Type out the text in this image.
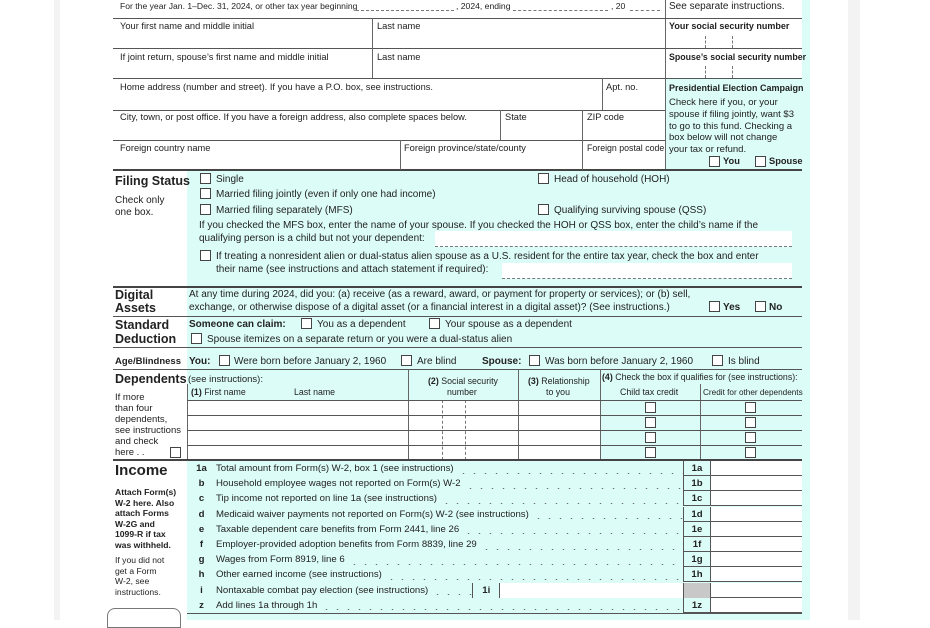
For the year Jan. 1–Dec. 31, 2024, or other tax year beginning	, 2024, ending	, 20	See separate instructions.
Your first name and middle initial	Last name	Your social security number
If joint return, spouse’s first name and middle initial	Last name	Spouse’s social security number
Home address (number and street). If you have a P.O. box, see instructions.	Apt. no.
City, town, or post office. If you have a foreign address, also complete spaces below.	State	ZIP code
Foreign country name	Foreign province/state/county	Foreign postal code
Presidential Election Campaign
Check here if you, or your
spouse if filing jointly, want $3
to go to this fund. Checking a
box below will not change
your tax or refund.
You	Spouse
Filing Status
Check only
one box.
Single
Married filing jointly (even if only one had income)
Married filing separately (MFS)
Head of household (HOH)
Qualifying surviving spouse (QSS)
If you checked the MFS box, enter the name of your spouse. If you checked the HOH or QSS box, enter the child’s name if the
qualifying person is a child but not your dependent:
If treating a nonresident alien or dual-status alien spouse as a U.S. resident for the entire tax year, check the box and enter
their name (see instructions and attach statement if required):
Digital
Assets
At any time during 2024, did you: (a) receive (as a reward, award, or payment for property or services); or (b) sell,
exchange, or otherwise dispose of a digital asset (or a financial interest in a digital asset)? (See instructions.)	Yes	No
Standard
Deduction
Someone can claim:	You as a dependent	Your spouse as a dependent
Spouse itemizes on a separate return or you were a dual-status alien
Age/Blindness You: Were born before January 2, 1960	Are blind	Spouse: Was born before January 2, 1960	Is blind
Dependents (see instructions):
(1) First name	Last name
(2) Social security
number
(3) Relationship
to you
(4) Check the box if qualifies for (see instructions):
Child tax credit	Credit for other dependents
If more
than four
dependents,
see instructions
and check
here . .
Income
Attach Form(s)
W-2 here. Also
attach Forms
W-2G and
1099-R if tax
was withheld.
If you did not
get a Form
W-2, see
instructions.
1a Total amount from Form(s) W-2, box 1 (see instructions)	1a
b	Household employee wages not reported on Form(s) W-2	1b
c	Tip income not reported on line 1a (see instructions)	1c
d	Medicaid waiver payments not reported on Form(s) W-2 (see instructions)	1d
e	Taxable dependent care benefits from Form 2441, line 26	1e
f	Employer-provided adoption benefits from Form 8839, line 29	1f
g	Wages from Form 8919, line 6	1g
h	Other earned income (see instructions)	1h
i	Nontaxable combat pay election (see instructions)	1i
z	Add lines 1a through 1h	1z
